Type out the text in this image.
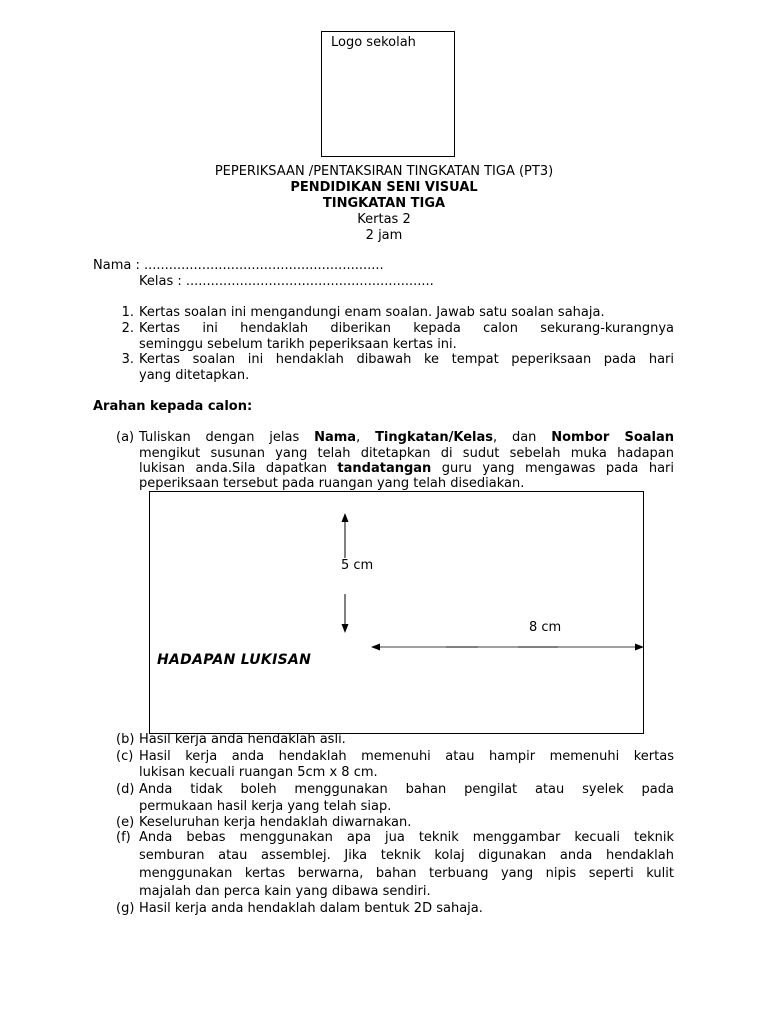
Logo sekolah
PEPERIKSAAN /PENTAKSIRAN TINGKATAN TIGA (PT3)
PENDIDIKAN SENI VISUAL
TINGKATAN TIGA
Kertas 2
2 jam
Nama : ..........................................................
Kelas : ............................................................
1. Kertas soalan ini mengandungi enam soalan. Jawab satu soalan sahaja.
2. Kertas ini hendaklah diberikan kepada calon sekurang-kurangnya
seminggu sebelum tarikh peperiksaan kertas ini.
3. Kertas soalan ini hendaklah dibawah ke tempat peperiksaan pada hari
yang ditetapkan.
Arahan kepada calon:
(a) Tuliskan dengan jelas Nama, Tingkatan/Kelas, dan Nombor Soalan
mengikut susunan yang telah ditetapkan di sudut sebelah muka hadapan
lukisan anda.Sila dapatkan tandatangan guru yang mengawas pada hari
peperiksaan tersebut pada ruangan yang telah disediakan.
5 cm
8 cm
HADAPAN LUKISAN
(b) Hasil kerja anda hendaklah asli.
(c) Hasil kerja anda hendaklah memenuhi atau hampir memenuhi kertas
lukisan kecuali ruangan 5cm x 8 cm.
(d) Anda tidak boleh menggunakan bahan pengilat atau syelek pada
permukaan hasil kerja yang telah siap.
(e) Keseluruhan kerja hendaklah diwarnakan.
(f) Anda bebas menggunakan apa jua teknik menggambar kecuali teknik
semburan atau assemblej. Jika teknik kolaj digunakan anda hendaklah
menggunakan kertas berwarna, bahan terbuang yang nipis seperti kulit
majalah dan perca kain yang dibawa sendiri.
(g) Hasil kerja anda hendaklah dalam bentuk 2D sahaja.
